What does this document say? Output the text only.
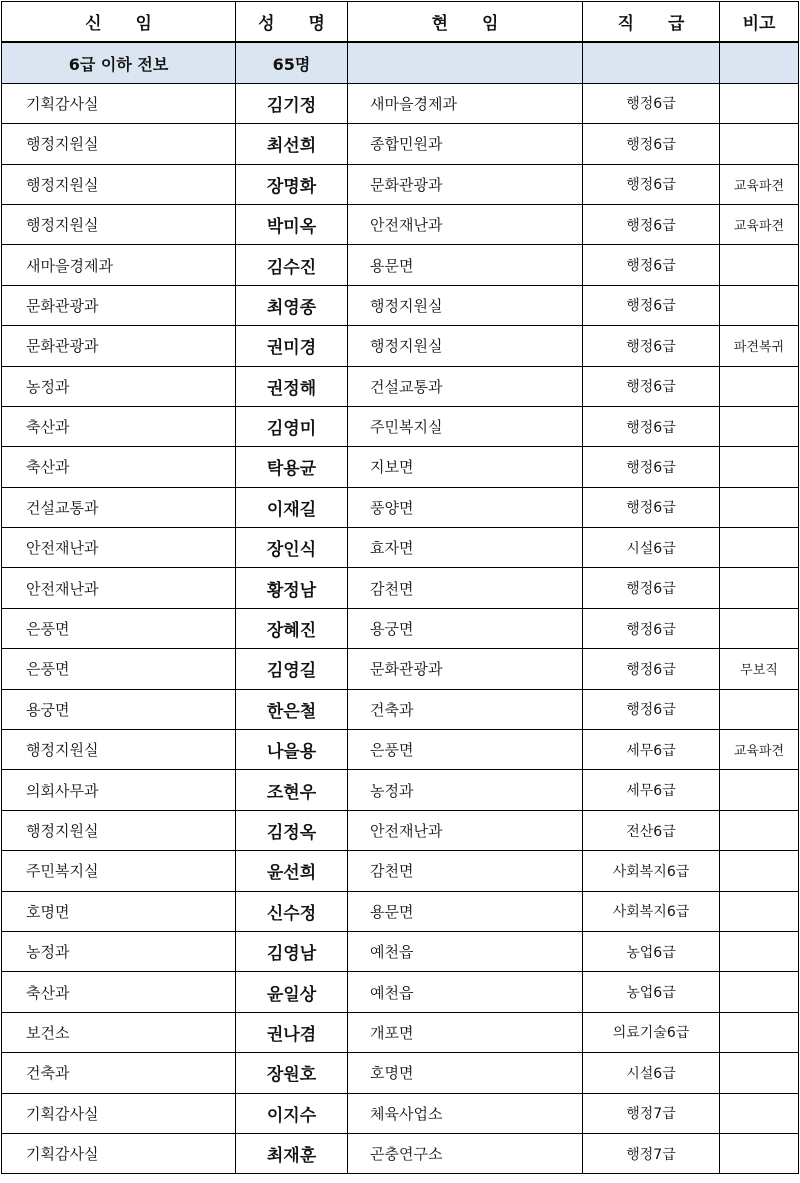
신 임	성 명	현 임	직 급	비고
6급 이하 전보	65명			
기획감사실	김기정	새마을경제과	행정6급	
행정지원실	최선희	종합민원과	행정6급	
행정지원실	장명화	문화관광과	행정6급	교육파견
행정지원실	박미옥	안전재난과	행정6급	교육파견
새마을경제과	김수진	용문면	행정6급	
문화관광과	최영종	행정지원실	행정6급	
문화관광과	권미경	행정지원실	행정6급	파견복귀
농정과	권정해	건설교통과	행정6급	
축산과	김영미	주민복지실	행정6급	
축산과	탁용균	지보면	행정6급	
건설교통과	이재길	풍양면	행정6급	
안전재난과	장인식	효자면	시설6급	
안전재난과	황정남	감천면	행정6급	
은풍면	장혜진	용궁면	행정6급	
은풍면	김영길	문화관광과	행정6급	무보직
용궁면	한은철	건축과	행정6급	
행정지원실	나을용	은풍면	세무6급	교육파견
의회사무과	조현우	농정과	세무6급	
행정지원실	김정옥	안전재난과	전산6급	
주민복지실	윤선희	감천면	사회복지6급	
호명면	신수정	용문면	사회복지6급	
농정과	김영남	예천읍	농업6급	
축산과	윤일상	예천읍	농업6급	
보건소	권나겸	개포면	의료기술6급	
건축과	장원호	호명면	시설6급	
기획감사실	이지수	체육사업소	행정7급	
기획감사실	최재훈	곤충연구소	행정7급	
